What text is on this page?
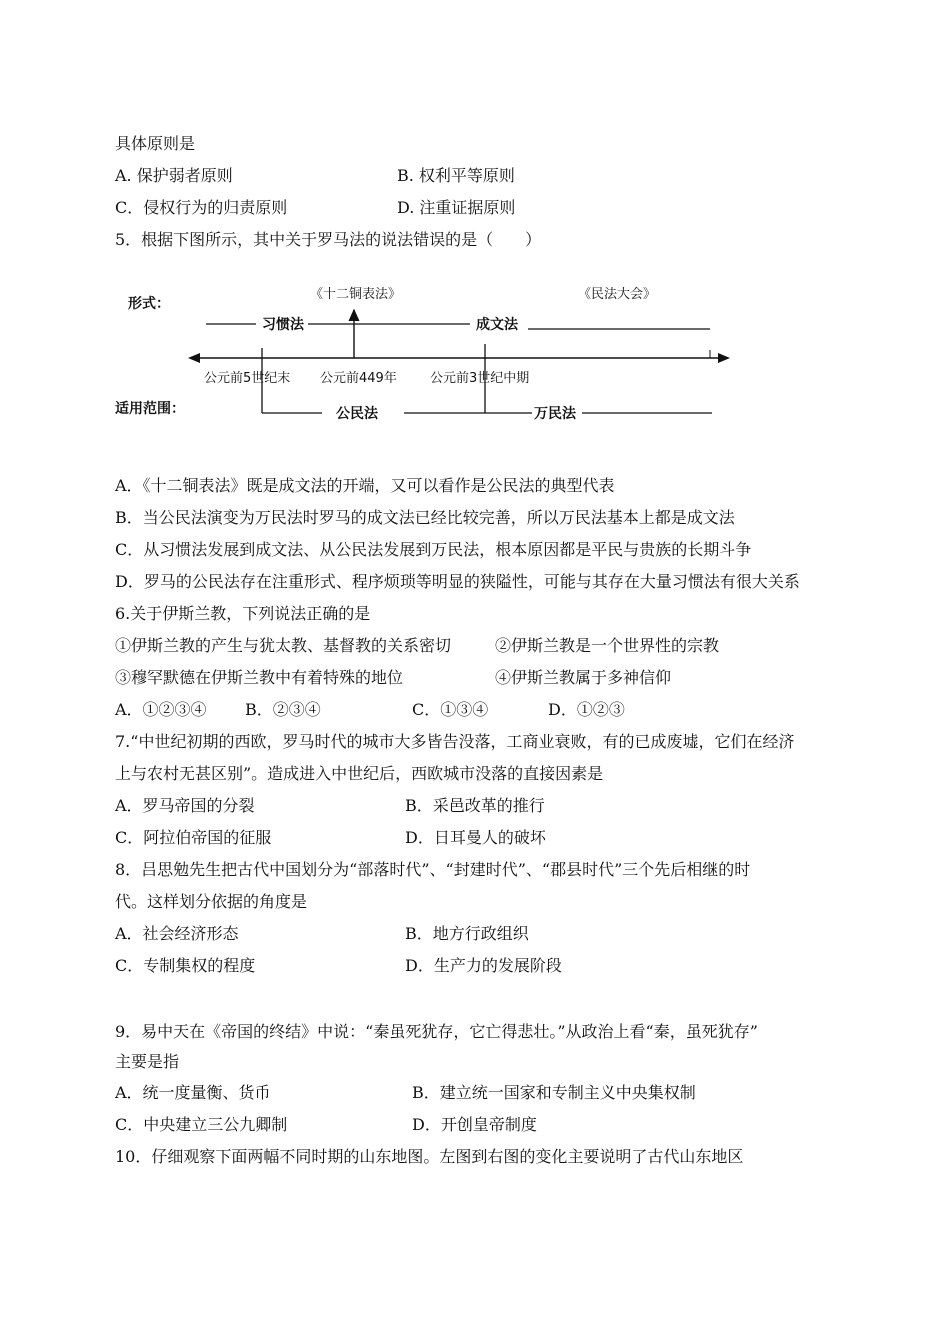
具体原则是
A. 保护弱者原则	B. 权利平等原则
C．侵权行为的归责原则	D. 注重证据原则
5．根据下图所示，其中关于罗马法的说法错误的是（　　）
形式：
《十二铜表法》	《民法大会》
习惯法	成文法
公元前5世纪末 公元前449年	公元前3世纪中期
适用范围：	公民法	万民法
A．《十二铜表法》既是成文法的开端，又可以看作是公民法的典型代表
B．当公民法演变为万民法时罗马的成文法已经比较完善，所以万民法基本上都是成文法
C．从习惯法发展到成文法、从公民法发展到万民法，根本原因都是平民与贵族的长期斗争
D．罗马的公民法存在注重形式、程序烦琐等明显的狭隘性，可能与其存在大量习惯法有很大关系
6.关于伊斯兰教，下列说法正确的是
①伊斯兰教的产生与犹太教、基督教的关系密切	②伊斯兰教是一个世界性的宗教
③穆罕默德在伊斯兰教中有着特殊的地位	④伊斯兰教属于多神信仰
A．①②③④ B．②③④	C．①③④	D．①②③
7.“中世纪初期的西欧，罗马时代的城市大多皆告没落，工商业衰败，有的已成废墟，它们在经济
上与农村无甚区别”。造成进入中世纪后，西欧城市没落的直接因素是
A．罗马帝国的分裂	B．采邑改革的推行
C．阿拉伯帝国的征服	D．日耳曼人的破坏
8．吕思勉先生把古代中国划分为“部落时代”、“封建时代”、“郡县时代”三个先后相继的时
代。这样划分依据的角度是
A．社会经济形态	B．地方行政组织
C．专制集权的程度	D．生产力的发展阶段
9．易中天在《帝国的终结》中说：“秦虽死犹存，它亡得悲壮。”从政治上看“秦，虽死犹存”
主要是指
A．统一度量衡、货币	B．建立统一国家和专制主义中央集权制
C．中央建立三公九卿制	D．开创皇帝制度
10．仔细观察下面两幅不同时期的山东地图。左图到右图的变化主要说明了古代山东地区
